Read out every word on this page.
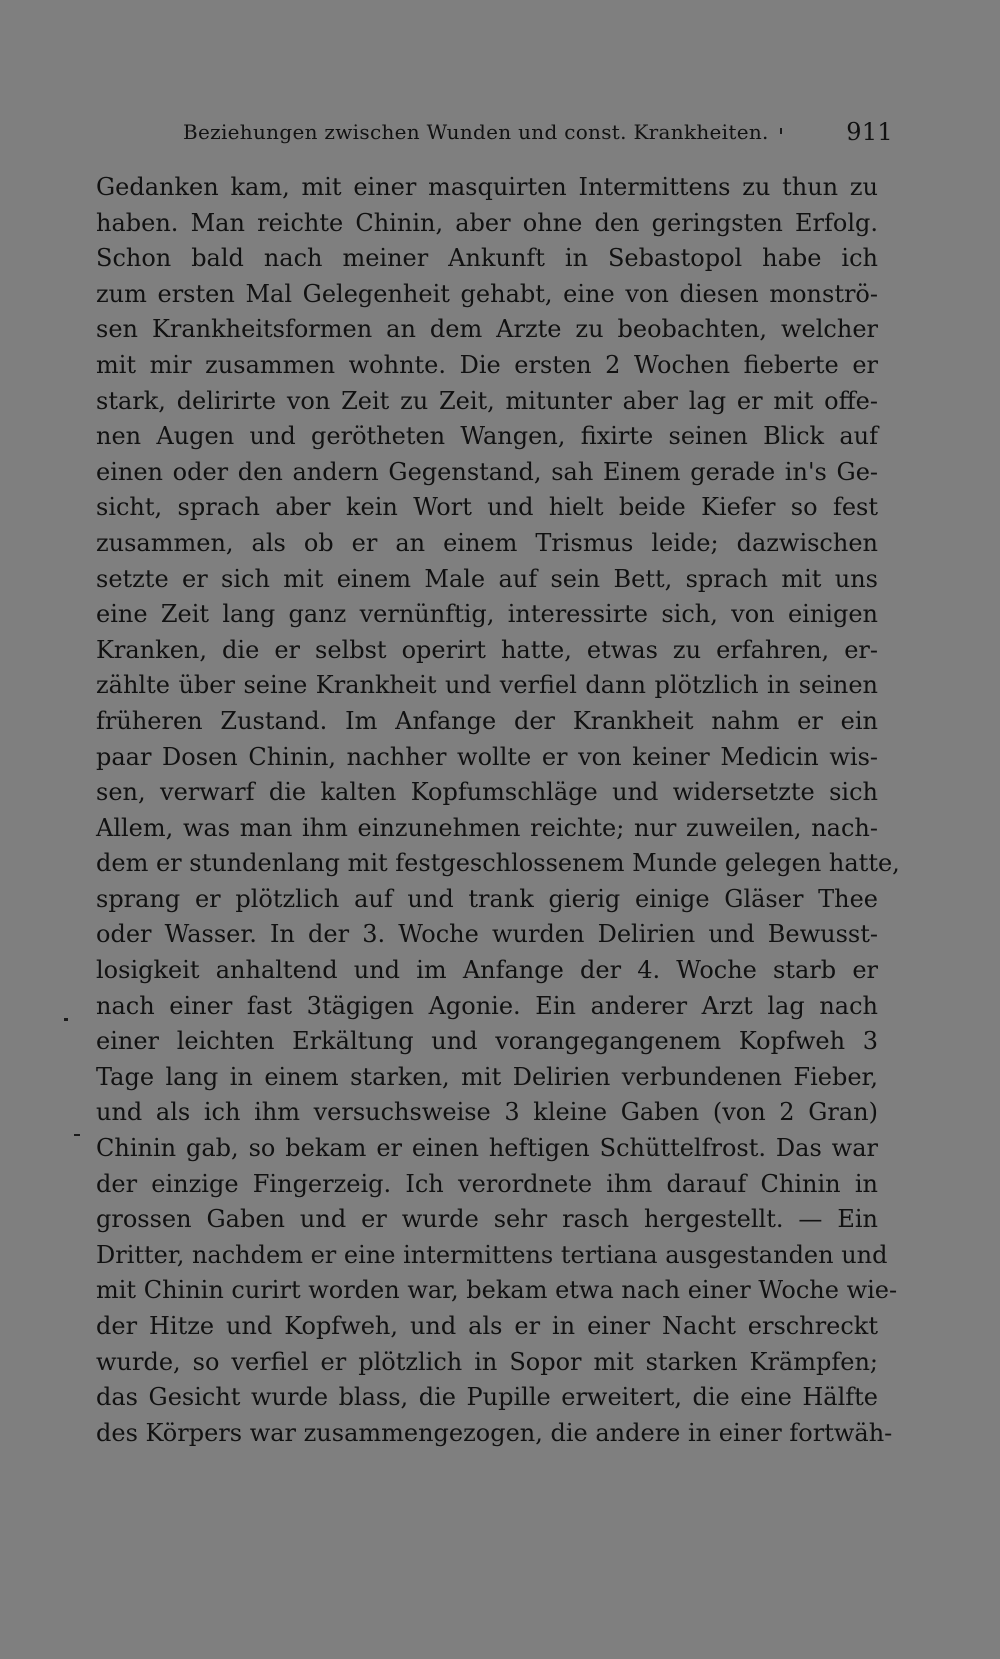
Beziehungen zwischen Wunden und const. Krankheiten.	911
Gedanken kam, mit einer masquirten Intermittens zu thun zu
haben. Man reichte Chinin, aber ohne den geringsten Erfolg.
Schon bald nach meiner Ankunft in Sebastopol habe ich
zum ersten Mal Gelegenheit gehabt, eine von diesen monströ-
sen Krankheitsformen an dem Arzte zu beobachten, welcher
mit mir zusammen wohnte. Die ersten 2 Wochen fieberte er
stark, delirirte von Zeit zu Zeit, mitunter aber lag er mit offe-
nen Augen und gerötheten Wangen, fixirte seinen Blick auf
einen oder den andern Gegenstand, sah Einem gerade in's Ge-
sicht, sprach aber kein Wort und hielt beide Kiefer so fest
zusammen, als ob er an einem Trismus leide; dazwischen
setzte er sich mit einem Male auf sein Bett, sprach mit uns
eine Zeit lang ganz vernünftig, interessirte sich, von einigen
Kranken, die er selbst operirt hatte, etwas zu erfahren, er-
zählte über seine Krankheit und verfiel dann plötzlich in seinen
früheren Zustand. Im Anfange der Krankheit nahm er ein
paar Dosen Chinin, nachher wollte er von keiner Medicin wis-
sen, verwarf die kalten Kopfumschläge und widersetzte sich
Allem, was man ihm einzunehmen reichte; nur zuweilen, nach-
dem er stundenlang mit festgeschlossenem Munde gelegen hatte,
sprang er plötzlich auf und trank gierig einige Gläser Thee
oder Wasser. In der 3. Woche wurden Delirien und Bewusst-
losigkeit anhaltend und im Anfange der 4. Woche starb er
nach einer fast 3tägigen Agonie. Ein anderer Arzt lag nach
einer leichten Erkältung und vorangegangenem Kopfweh 3
Tage lang in einem starken, mit Delirien verbundenen Fieber,
und als ich ihm versuchsweise 3 kleine Gaben (von 2 Gran)
Chinin gab, so bekam er einen heftigen Schüttelfrost. Das war
der einzige Fingerzeig. Ich verordnete ihm darauf Chinin in
grossen Gaben und er wurde sehr rasch hergestellt. — Ein
Dritter, nachdem er eine intermittens tertiana ausgestanden und
mit Chinin curirt worden war, bekam etwa nach einer Woche wie-
der Hitze und Kopfweh, und als er in einer Nacht erschreckt
wurde, so verfiel er plötzlich in Sopor mit starken Krämpfen;
das Gesicht wurde blass, die Pupille erweitert, die eine Hälfte
des Körpers war zusammengezogen, die andere in einer fortwäh-
